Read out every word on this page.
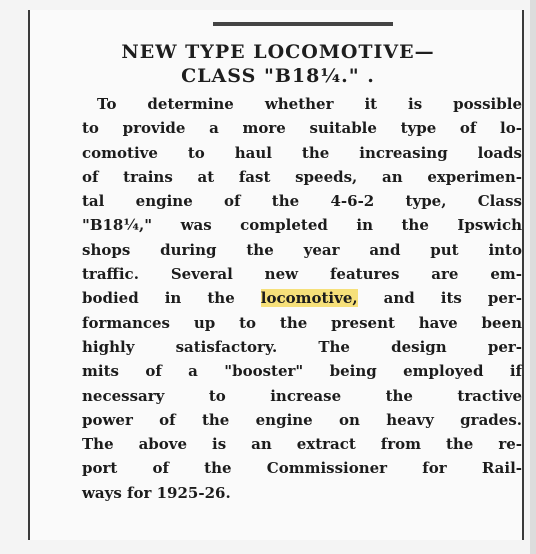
NEW TYPE LOCOMOTIVE—
CLASS "B18¼." .
To determine whether it is possible
to provide a more suitable type of lo-
comotive to haul the increasing loads
of trains at fast speeds, an experimen-
tal engine of the 4-6-2 type, Class
"B18¼," was completed in the Ipswich
shops during the year and put into
traffic. Several new features are em-
bodied in the locomotive, and its per-
formances up to the present have been
highly satisfactory. The design per-
mits of a "booster" being employed if
necessary to increase the tractive
power of the engine on heavy grades.
The above is an extract from the re-
port of the Commissioner for Rail-
ways for 1925-26.
